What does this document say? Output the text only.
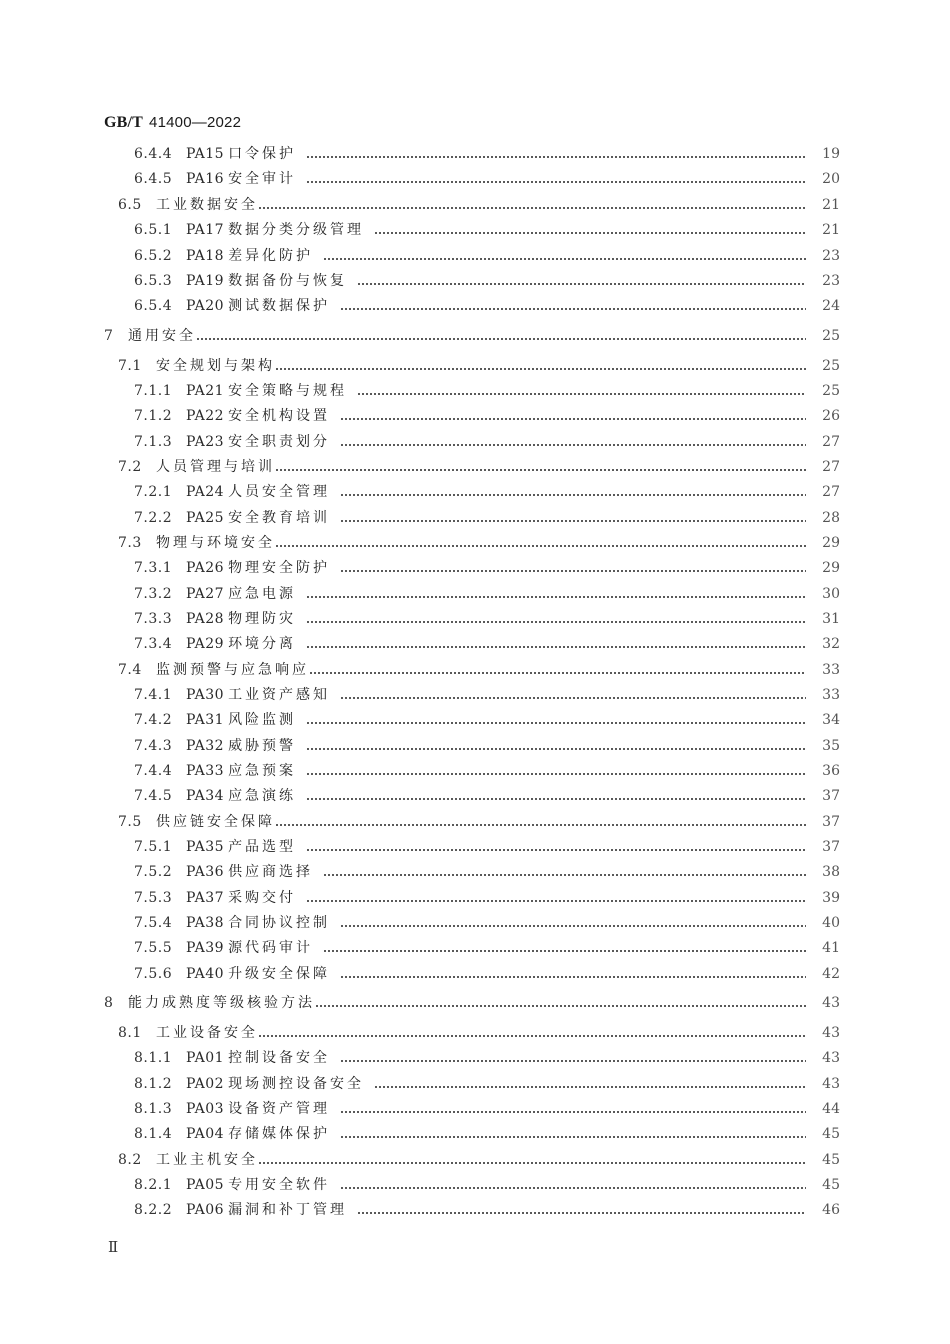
GB/T 41400—2022
6.4.4 PA15 口令保护	19
6.4.5 PA16 安全审计	20
6.5	工业数据安全	21
6.5.1 PA17 数据分类分级管理	21
6.5.2 PA18 差异化防护	23
6.5.3 PA19 数据备份与恢复	23
6.5.4 PA20 测试数据保护	24
7	通用安全	25
7.1	安全规划与架构	25
7.1.1 PA21 安全策略与规程	25
7.1.2 PA22 安全机构设置	26
7.1.3 PA23 安全职责划分	27
7.2	人员管理与培训	27
7.2.1 PA24 人员安全管理	27
7.2.2 PA25 安全教育培训	28
7.3	物理与环境安全	29
7.3.1 PA26 物理安全防护	29
7.3.2 PA27 应急电源	30
7.3.3 PA28 物理防灾	31
7.3.4 PA29 环境分离	32
7.4	监测预警与应急响应	33
7.4.1 PA30 工业资产感知	33
7.4.2 PA31 风险监测	34
7.4.3 PA32 威胁预警	35
7.4.4 PA33 应急预案	36
7.4.5 PA34 应急演练	37
7.5	供应链安全保障	37
7.5.1 PA35 产品选型	37
7.5.2 PA36 供应商选择	38
7.5.3 PA37 采购交付	39
7.5.4 PA38 合同协议控制	40
7.5.5 PA39 源代码审计	41
7.5.6 PA40 升级安全保障	42
8	能力成熟度等级核验方法	43
8.1	工业设备安全	43
8.1.1 PA01 控制设备安全	43
8.1.2 PA02 现场测控设备安全	43
8.1.3 PA03 设备资产管理	44
8.1.4 PA04 存储媒体保护	45
8.2	工业主机安全	45
8.2.1 PA05 专用安全软件	45
8.2.2 PA06 漏洞和补丁管理	46
Ⅱ
